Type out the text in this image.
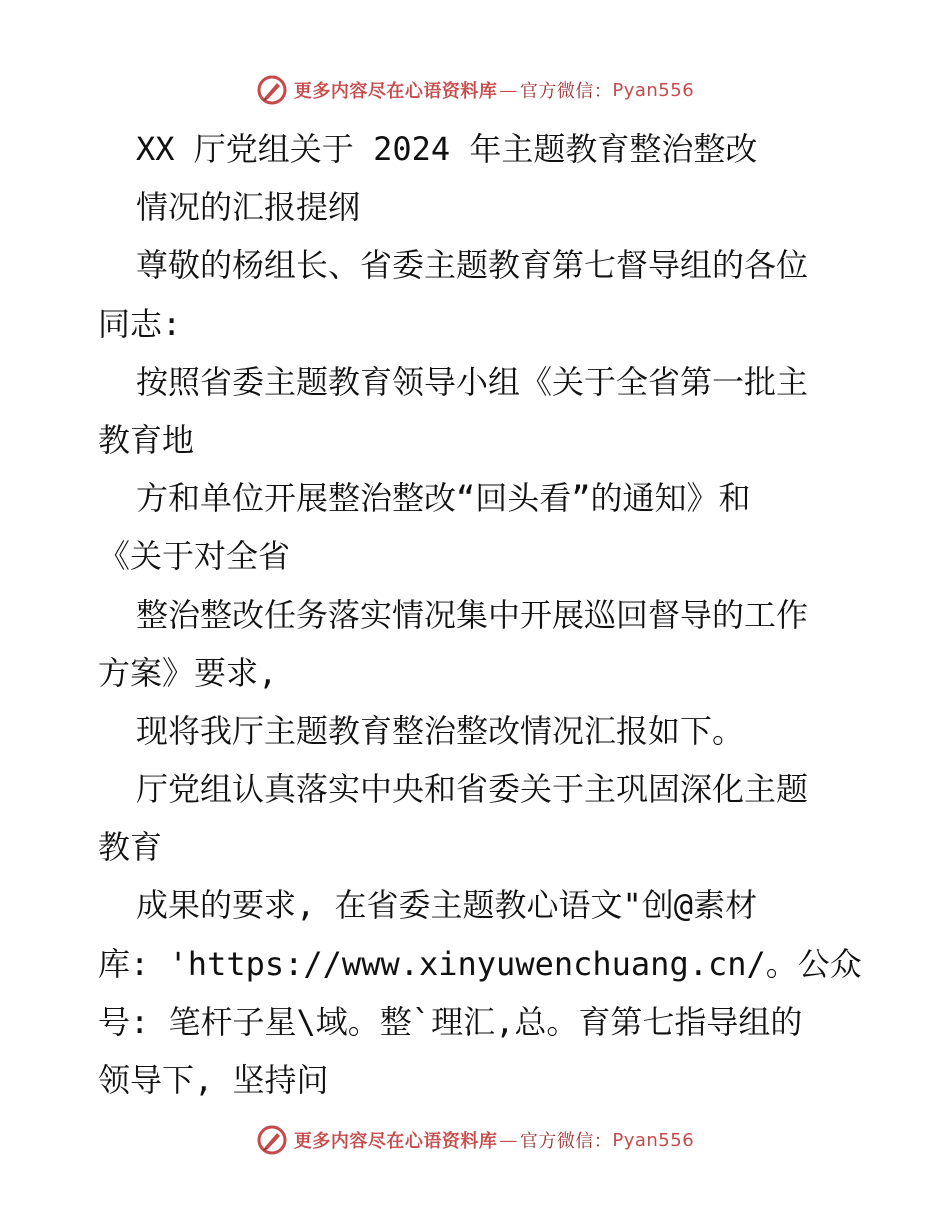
更多内容尽在心语资料库 — 官方微信： Pyan556
XX 厅党组关于 2024 年主题教育整治整改
情况的汇报提纲
尊敬的杨组长、省委主题教育第七督导组的各位
同志:
按照省委主题教育领导小组《关于全省第一批主
教育地
方和单位开展整治整改“回头看”的通知》和
《关于对全省
整治整改任务落实情况集中开展巡回督导的工作
方案》要求,
现将我厅主题教育整治整改情况汇报如下。
厅党组认真落实中央和省委关于主巩固深化主题
教育
成果的要求, 在省委主题教心语文"创@素材
库: 'https://www.xinyuwenchuang.cn/。公众
号: 笔杆子星\域。整`理汇,总。育第七指导组的
领导下, 坚持问
更多内容尽在心语资料库 — 官方微信： Pyan556
